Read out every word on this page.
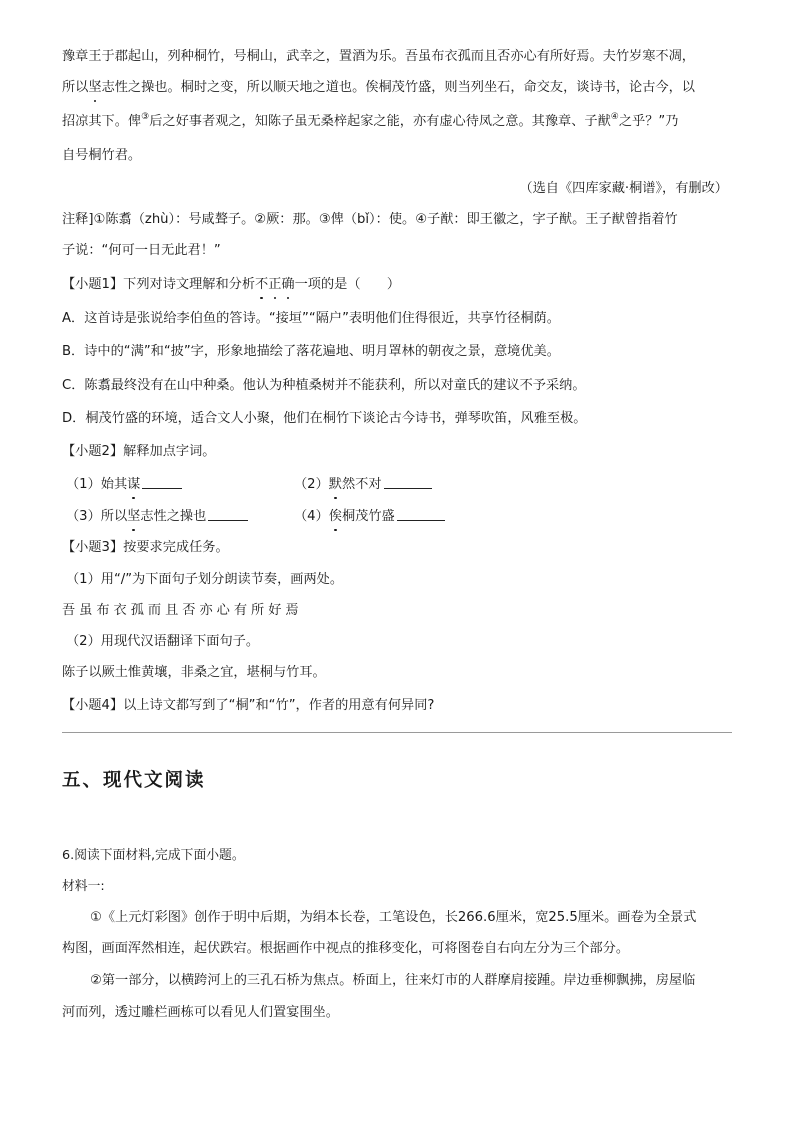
豫章王于郡起山，列种桐竹，号桐山，武幸之，置酒为乐。吾虽布衣孤而且否亦心有所好焉。夫竹岁寒不凋，
所以坚志性之操也。桐时之变，所以顺天地之道也。俟桐茂竹盛，则当列坐石，命交友，谈诗书，论古今，以
招凉其下。俾③后之好事者观之，知陈子虽无桑梓起家之能，亦有虚心待凤之意。其豫章、子猷④之乎？”乃
自号桐竹君。
（选自《四库家藏·桐谱》，有删改）
注释]①陈翥（zhù）：号咸聱子。②厥：那。③俾（bǐ）：使。④子猷：即王徽之，字子猷。王子猷曾指着竹
子说：“何可一日无此君！”
【小题1】下列对诗文理解和分析不正确一项的是（　　）
A．这首诗是张说给李伯鱼的答诗。“接垣”“隔户”表明他们住得很近，共享竹径桐荫。
B．诗中的“满”和“披”字，形象地描绘了落花遍地、明月罩林的朝夜之景，意境优美。
C．陈翥最终没有在山中种桑。他认为种植桑树并不能获利，所以对童氏的建议不予采纳。
D．桐茂竹盛的环境，适合文人小聚，他们在桐竹下谈论古今诗书，弹琴吹笛，风雅至极。
【小题2】解释加点字词。
（1）始其谋	（2）默然不对
（3）所以坚志性之操也	（4）俟桐茂竹盛
【小题3】按要求完成任务。
（1）用“/”为下面句子划分朗读节奏，画两处。
吾虽布衣孤而且否亦心有所好焉
（2）用现代汉语翻译下面句子。
陈子以厥土惟黄壤，非桑之宜，堪桐与竹耳。
【小题4】以上诗文都写到了“桐”和“竹”，作者的用意有何异同?
五、现代文阅读
6.阅读下面材料,完成下面小题。
材料一:
①《上元灯彩图》创作于明中后期，为绢本长卷，工笔设色，长266.6厘米，宽25.5厘米。画卷为全景式
构图，画面浑然相连，起伏跌宕。根据画作中视点的推移变化，可将图卷自右向左分为三个部分。
②第一部分，以横跨河上的三孔石桥为焦点。桥面上，往来灯市的人群摩肩接踵。岸边垂柳飘拂，房屋临
河而列，透过雕栏画栋可以看见人们置宴围坐。
